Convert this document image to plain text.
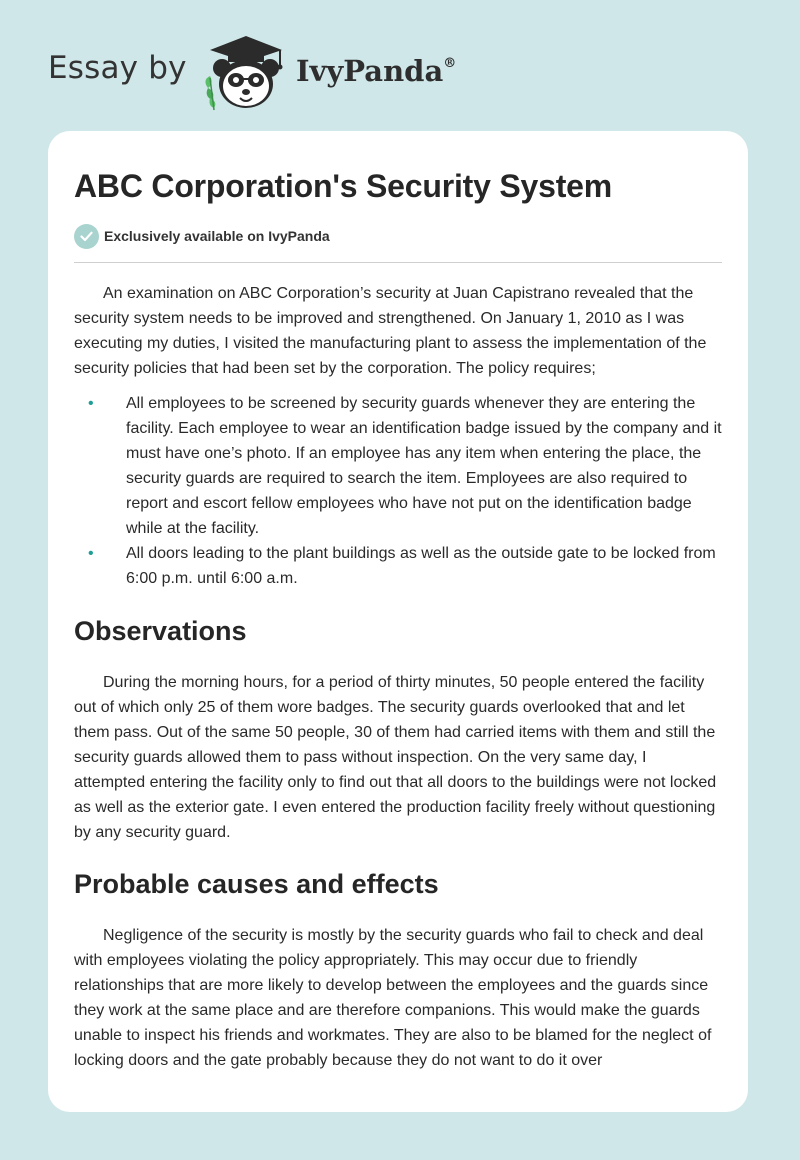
Essay by	IvyPanda®
ABC Corporation's Security System
Exclusively available on IvyPanda

An examination on ABC Corporation’s security at Juan Capistrano revealed that the security system needs to be improved and strengthened. On January 1, 2010 as I was executing my duties, I visited the manufacturing plant to assess the implementation of the security policies that had been set by the corporation. The policy requires;

• All employees to be screened by security guards whenever they are entering the facility. Each employee to wear an identification badge issued by the company and it must have one’s photo. If an employee has any item when entering the place, the security guards are required to search the item. Employees are also required to report and escort fellow employees who have not put on the identification badge while at the facility.
• All doors leading to the plant buildings as well as the outside gate to be locked from 6:00 p.m. until 6:00 a.m.
Observations

During the morning hours, for a period of thirty minutes, 50 people entered the facility out of which only 25 of them wore badges. The security guards overlooked that and let them pass. Out of the same 50 people, 30 of them had carried items with them and still the security guards allowed them to pass without inspection. On the very same day, I attempted entering the facility only to find out that all doors to the buildings were not locked as well as the exterior gate. I even entered the production facility freely without questioning by any security guard.

Probable causes and effects

Negligence of the security is mostly by the security guards who fail to check and deal with employees violating the policy appropriately. This may occur due to friendly relationships that are more likely to develop between the employees and the guards since they work at the same place and are therefore companions. This would make the guards unable to inspect his friends and workmates. They are also to be blamed for the neglect of locking doors and the gate probably because they do not want to do it over
